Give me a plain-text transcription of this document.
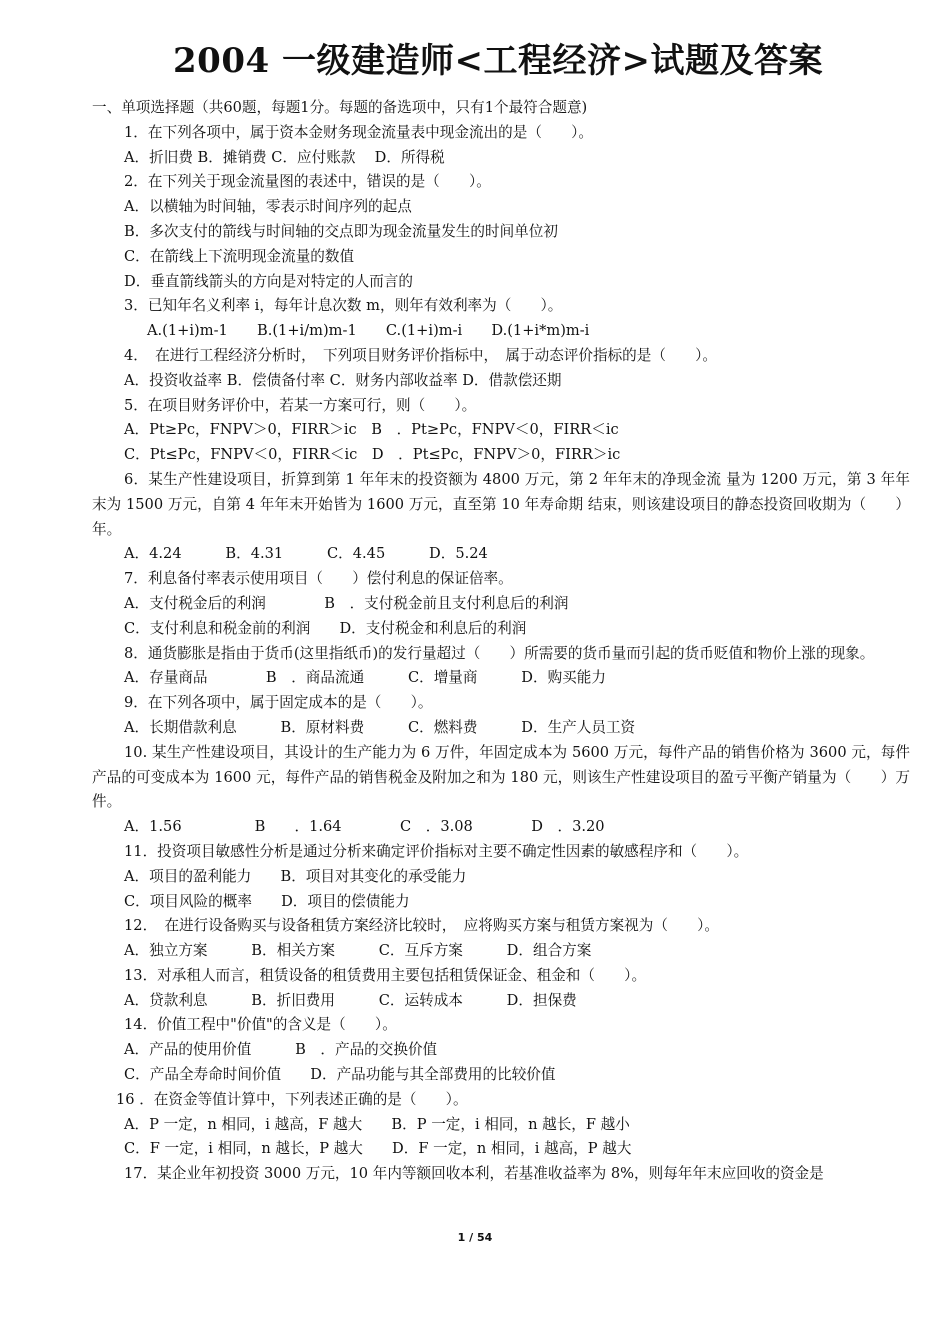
2004 一级建造师<工程经济>试题及答案
一、单项选择题（共60题，每题1分。每题的备选项中，只有1个最符合题意)
1．在下列各项中，属于资本金财务现金流量表中现金流出的是（　　）。
A．折旧费 B．摊销费 C．应付账款　 D．所得税
2．在下列关于现金流量图的表述中，错误的是（　　）。
A．以横轴为时间轴，零表示时间序列的起点
B．多次支付的箭线与时间轴的交点即为现金流量发生的时间单位初
C．在箭线上下流明现金流量的数值
D．垂直箭线箭头的方向是对特定的人而言的
3．已知年名义利率 i，每年计息次数 m，则年有效利率为（　　）。
A.(1+i)m-1　　B.(1+i/m)m-1　　C.(1+i)m-i　　D.(1+i*m)m-i
4．　在进行工程经济分析时，　下列项目财务评价指标中，　属于动态评价指标的是（　　）。
A．投资收益率 B．偿债备付率 C．财务内部收益率 D．借款偿还期
5．在项目财务评价中，若某一方案可行，则（　　）。
A．Pt≥Pc，FNPV＞0，FIRR＞ic　B　．Pt≥Pc，FNPV＜0，FIRR＜ic
C．Pt≤Pc，FNPV＜0，FIRR＜ic　D　．Pt≤Pc，FNPV＞0，FIRR＞ic
6．某生产性建设项目，折算到第 1 年年末的投资额为 4800 万元，第 2 年年末的净现金流 量为 1200 万元，第 3 年年末为 1500 万元，自第 4 年年末开始皆为 1600 万元，直至第 10 年寿命期 结束，则该建设项目的静态投资回收期为（　　）年。
A．4.24　　　B．4.31　　　C．4.45　　　D．5.24
7．利息备付率表示使用项目（　　）偿付利息的保证倍率。
A．支付税金后的利润　　　　B　．支付税金前且支付利息后的利润
C．支付利息和税金前的利润　　D．支付税金和利息后的利润
8．通货膨胀是指由于货币(这里指纸币)的发行量超过（　　）所需要的货币量而引起的货币贬值和物价上涨的现象。
A．存量商品　　　　B　．商品流通　　　C．增量商　　　D．购买能力
9．在下列各项中，属于固定成本的是（　　）。
A．长期借款利息　　　B．原材料费　　　C．燃料费　　　D．生产人员工资
10. 某生产性建设项目，其设计的生产能力为 6 万件，年固定成本为 5600 万元，每件产品的销售价格为 3600 元，每件产品的可变成本为 1600 元，每件产品的销售税金及附加之和为 180 元，则该生产性建设项目的盈亏平衡产销量为（　　）万件。
A．1.56　　　　　B　　．1.64　　　　C　．3.08　　　　D　．3.20
11．投资项目敏感性分析是通过分析来确定评价指标对主要不确定性因素的敏感程序和（　　）。
A．项目的盈利能力　　B．项目对其变化的承受能力
C．项目风险的概率　　D．项目的偿债能力
12．　在进行设备购买与设备租赁方案经济比较时，　应将购买方案与租赁方案视为（　　）。
A．独立方案　　　B．相关方案　　　C．互斥方案　　　D．组合方案
13．对承租人而言，租赁设备的租赁费用主要包括租赁保证金、租金和（　　）。
A．贷款利息　　　B．折旧费用　　　C．运转成本　　　D．担保费
14．价值工程中"价值"的含义是（　　）。
A．产品的使用价值　　　B　．产品的交换价值
C．产品全寿命时间价值　　D．产品功能与其全部费用的比较价值
16 ．在资金等值计算中，下列表述正确的是（　　）。
A．P 一定，n 相同，i 越高，F 越大　　B．P 一定，i 相同，n 越长，F 越小
C．F 一定，i 相同，n 越长，P 越大　　D．F 一定，n 相同，i 越高，P 越大
17．某企业年初投资 3000 万元，10 年内等额回收本利，若基准收益率为 8%，则每年年末应回收的资金是
1 / 54
